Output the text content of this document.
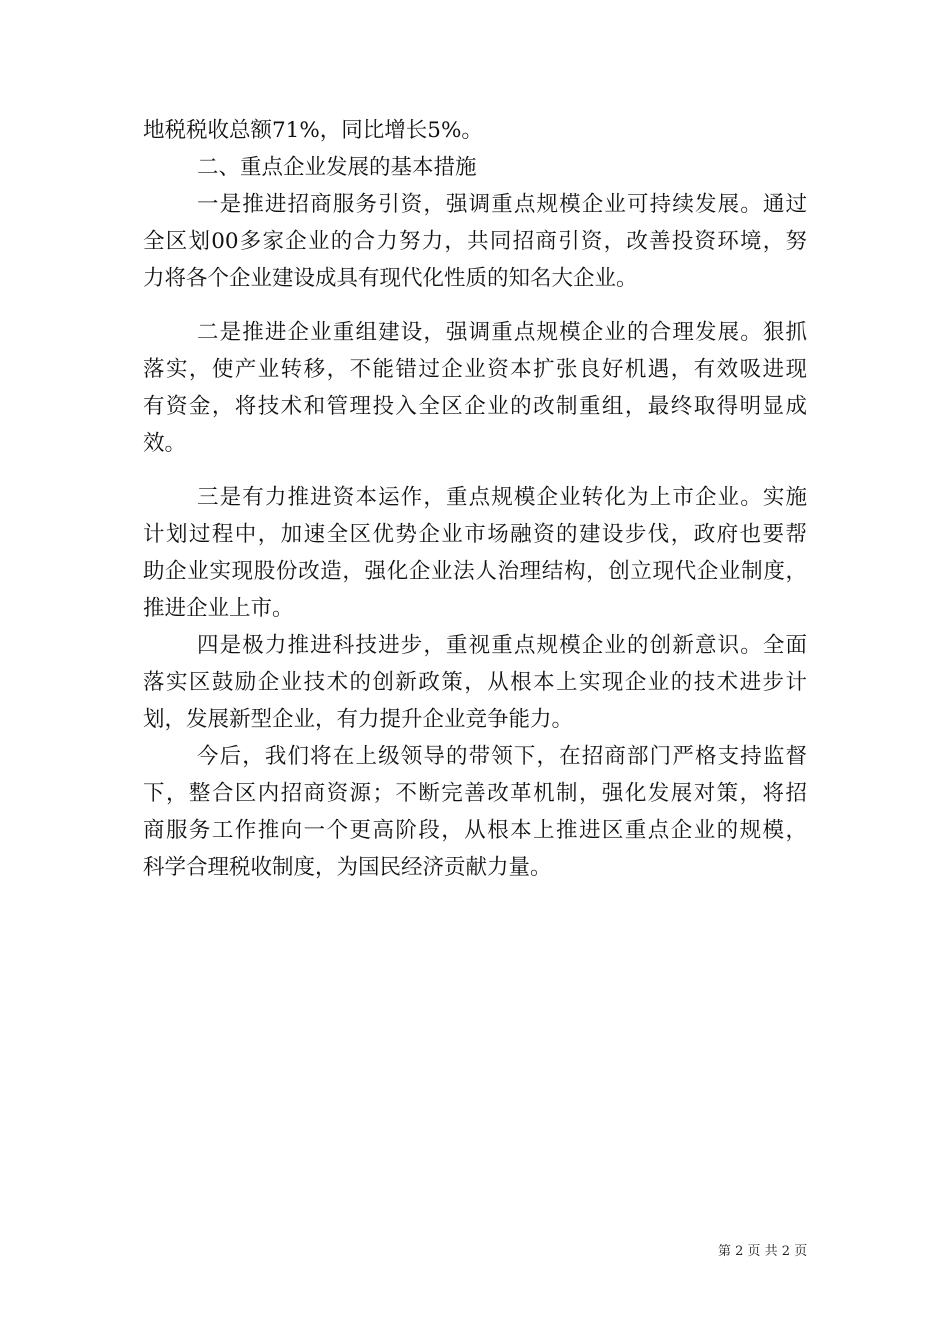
地税税收总额71%，同比增长5%。
二、重点企业发展的基本措施
一是推进招商服务引资，强调重点规模企业可持续发展。通过
全区划00多家企业的合力努力，共同招商引资，改善投资环境，努
力将各个企业建设成具有现代化性质的知名大企业。
二是推进企业重组建设，强调重点规模企业的合理发展。狠抓
落实，使产业转移，不能错过企业资本扩张良好机遇，有效吸进现
有资金，将技术和管理投入全区企业的改制重组，最终取得明显成
效。
三是有力推进资本运作，重点规模企业转化为上市企业。实施
计划过程中，加速全区优势企业市场融资的建设步伐，政府也要帮
助企业实现股份改造，强化企业法人治理结构，创立现代企业制度，
推进企业上市。
四是极力推进科技进步，重视重点规模企业的创新意识。全面
落实区鼓励企业技术的创新政策，从根本上实现企业的技术进步计
划，发展新型企业，有力提升企业竞争能力。
今后，我们将在上级领导的带领下，在招商部门严格支持监督
下，整合区内招商资源；不断完善改革机制，强化发展对策，将招
商服务工作推向一个更高阶段，从根本上推进区重点企业的规模，
科学合理税收制度，为国民经济贡献力量。
第 2 页 共 2 页
